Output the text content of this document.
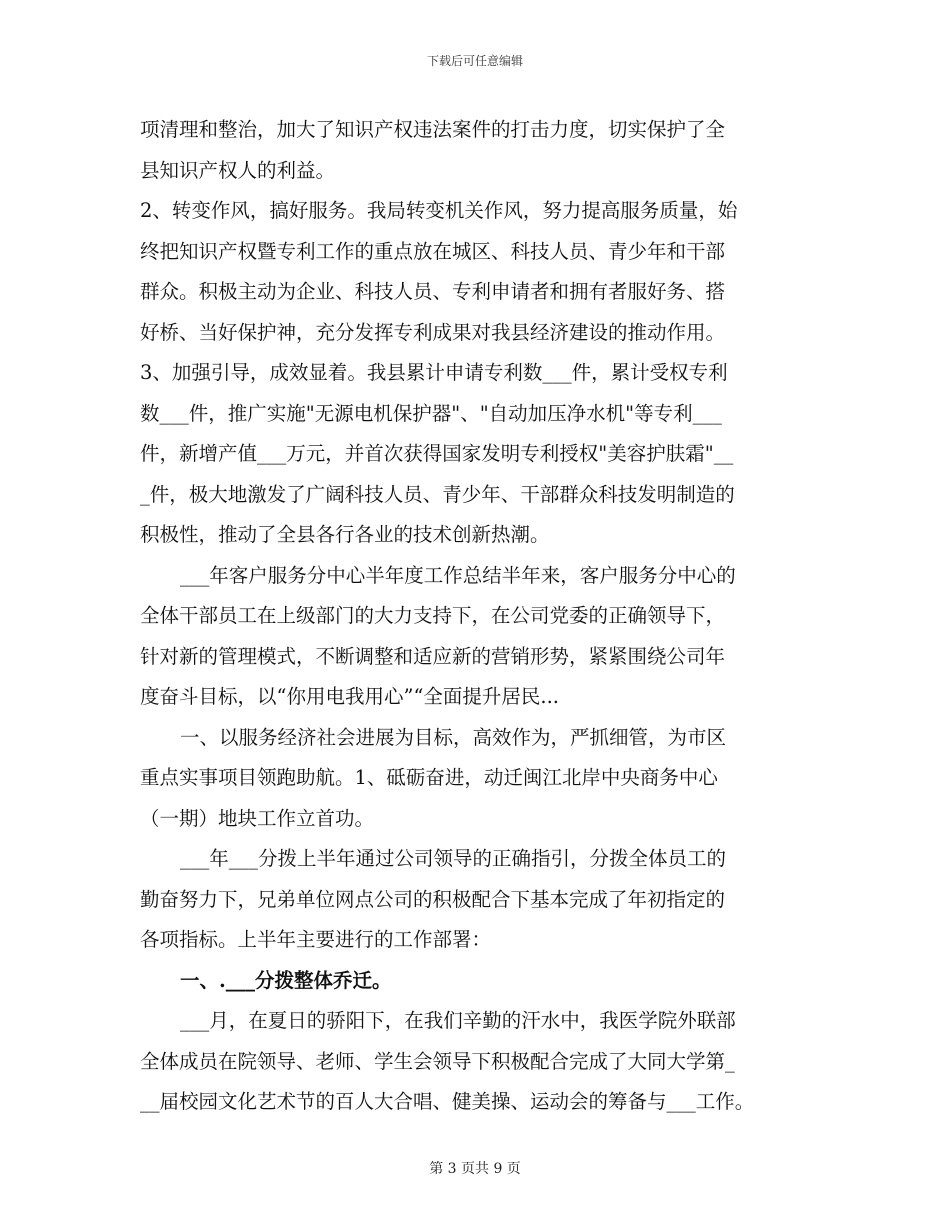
下载后可任意编辑
项清理和整治，加大了知识产权违法案件的打击力度，切实保护了全
县知识产权人的利益。
2、转变作风，搞好服务。我局转变机关作风，努力提高服务质量，始
终把知识产权暨专利工作的重点放在城区、科技人员、青少年和干部
群众。积极主动为企业、科技人员、专利申请者和拥有者服好务、搭
好桥、当好保护神，充分发挥专利成果对我县经济建设的推动作用。
3、加强引导，成效显着。我县累计申请专利数___件，累计受权专利
数___件，推广实施"无源电机保护器"、"自动加压净水机"等专利___
件，新增产值___万元，并首次获得国家发明专利授权"美容护肤霜"__
_件，极大地激发了广阔科技人员、青少年、干部群众科技发明制造的
积极性，推动了全县各行各业的技术创新热潮。
___年客户服务分中心半年度工作总结半年来，客户服务分中心的
全体干部员工在上级部门的大力支持下，在公司党委的正确领导下，
针对新的管理模式，不断调整和适应新的营销形势，紧紧围绕公司年
度奋斗目标，以“你用电我用心”“全面提升居民...
一、以服务经济社会进展为目标，高效作为，严抓细管，为市区
重点实事项目领跑助航。1、砥砺奋进，动迁闽江北岸中央商务中心
（一期）地块工作立首功。
___年___分拨上半年通过公司领导的正确指引，分拨全体员工的
勤奋努力下，兄弟单位网点公司的积极配合下基本完成了年初指定的
各项指标。上半年主要进行的工作部署：
一、.___分拨整体乔迁。
___月，在夏日的骄阳下，在我们辛勤的汗水中，我医学院外联部
全体成员在院领导、老师、学生会领导下积极配合完成了大同大学第_
__届校园文化艺术节的百人大合唱、健美操、运动会的筹备与___工作。
第 3 页共 9 页
